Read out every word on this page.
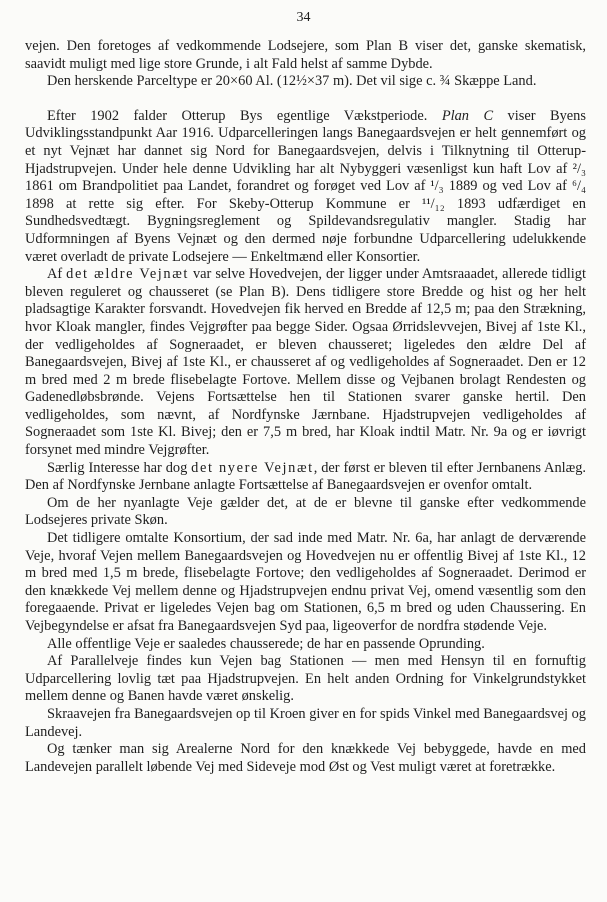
34

vejen. Den foretoges af vedkommende Lodsejere, som Plan B viser det, ganske skematisk, saavidt muligt med lige store Grunde, i alt Fald helst af samme Dybde.

Den herskende Parceltype er 20×60 Al. (12½×37 m). Det vil sige c. ¾ Skæppe Land.

Efter 1902 falder Otterup Bys egentlige Vækstperiode. Plan C viser Byens Udviklingsstandpunkt Aar 1916. Udparcelleringen langs Banegaardsvejen er helt gennemført og et nyt Vejnæt har dannet sig Nord for Banegaardsvejen, delvis i Tilknytning til Otterup-Hjadstrupvejen. Under hele denne Udvikling har alt Nybyggeri væsenligst kun haft Lov af ²/₃ 1861 om Brandpolitiet paa Landet, forandret og forøget ved Lov af ¹/₃ 1889 og ved Lov af ⁶/₄ 1898 at rette sig efter. For Skeby-Otterup Kommune er ¹¹/₁₂ 1893 udfærdiget en Sundhedsvedtægt. Bygningsreglement og Spildevandsregulativ mangler. Stadig har Udformningen af Byens Vejnæt og den dermed nøje forbundne Udparcellering udelukkende været overladt de private Lodsejere — Enkeltmænd eller Konsortier.

Af det ældre Vejnæt var selve Hovedvejen, der ligger under Amtsraaadet, allerede tidligt bleven reguleret og chausseret (se Plan B). Dens tidligere store Bredde og hist og her helt pladsagtige Karakter forsvandt. Hovedvejen fik herved en Bredde af 12,5 m; paa den Strækning, hvor Kloak mangler, findes Vejgrøfter paa begge Sider. Ogsaa Ørridslevvejen, Bivej af 1ste Kl., der vedligeholdes af Sogneraadet, er bleven chausseret; ligeledes den ældre Del af Banegaardsvejen, Bivej af 1ste Kl., er chausseret af og vedligeholdes af Sogneraadet. Den er 12 m bred med 2 m brede flisebelagte Fortove. Mellem disse og Vejbanen brolagt Rendesten og Gadenedløbsbrønde. Vejens Fortsættelse hen til Stationen svarer ganske hertil. Den vedligeholdes, som nævnt, af Nordfynske Jærnbane. Hjadstrupvejen vedligeholdes af Sogneraadet som 1ste Kl. Bivej; den er 7,5 m bred, har Kloak indtil Matr. Nr. 9a og er iøvrigt forsynet med mindre Vejgrøfter.

Særlig Interesse har dog det nyere Vejnæt, der først er bleven til efter Jernbanens Anlæg. Den af Nordfynske Jernbane anlagte Fortsættelse af Banegaardsvejen er ovenfor omtalt.

Om de her nyanlagte Veje gælder det, at de er blevne til ganske efter vedkommende Lodsejeres private Skøn.

Det tidligere omtalte Konsortium, der sad inde med Matr. Nr. 6a, har anlagt de derværende Veje, hvoraf Vejen mellem Banegaardsvejen og Hovedvejen nu er offentlig Bivej af 1ste Kl., 12 m bred med 1,5 m brede, flisebelagte Fortove; den vedligeholdes af Sogneraadet. Derimod er den knækkede Vej mellem denne og Hjadstrupvejen endnu privat Vej, omend væsentlig som den foregaaende. Privat er ligeledes Vejen bag om Stationen, 6,5 m bred og uden Chaussering. En Vejbegyndelse er afsat fra Banegaardsvejen Syd paa, ligeoverfor de nordfra stødende Veje.

Alle offentlige Veje er saaledes chausserede; de har en passende Oprunding.

Af Parallelveje findes kun Vejen bag Stationen — men med Hensyn til en fornuftig Udparcellering lovlig tæt paa Hjadstrupvejen. En helt anden Ordning for Vinkelgrundstykket mellem denne og Banen havde været ønskelig.

Skraavejen fra Banegaardsvejen op til Kroen giver en for spids Vinkel med Banegaardsvej og Landevej.

Og tænker man sig Arealerne Nord for den knækkede Vej bebyggede, havde en med Landevejen parallelt løbende Vej med Sideveje mod Øst og Vest muligt været at foretrække.
